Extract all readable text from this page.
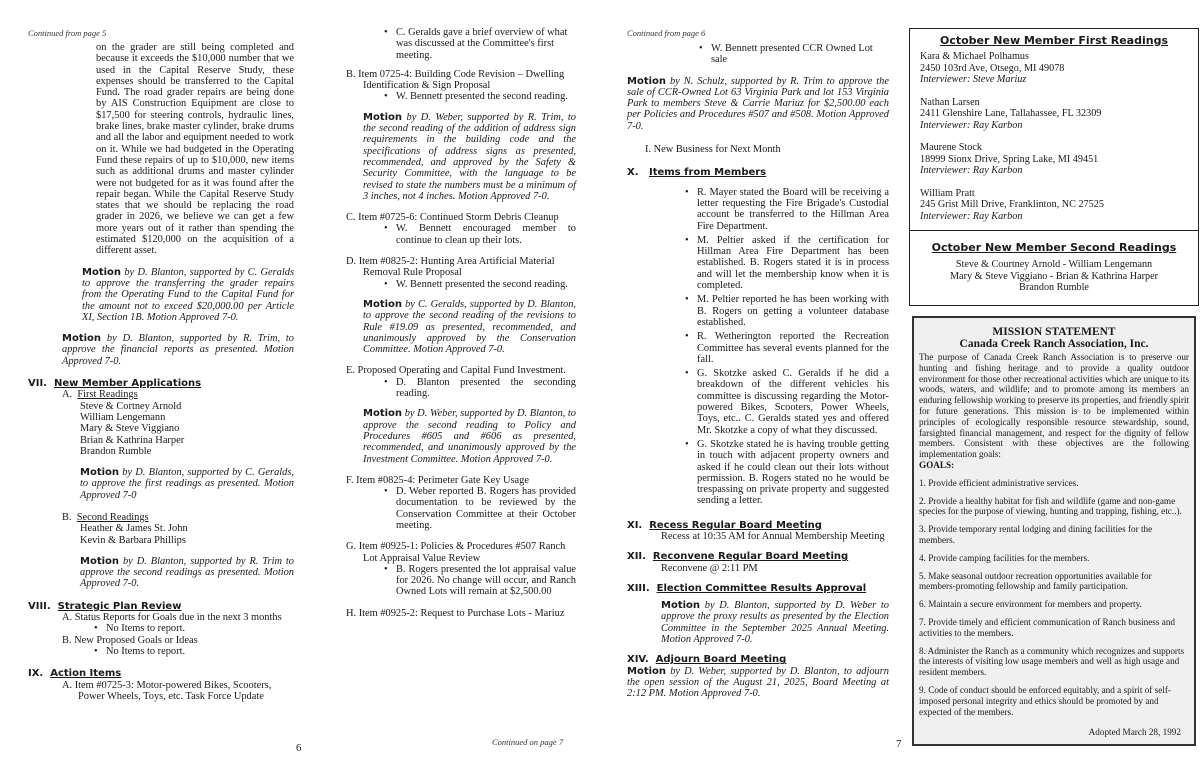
Continued from page 5

on the grader are still being completed and because it exceeds the $10,000 number that we used in the Capital Reserve Study, these expenses should be transferred to the Capital Fund. The road grader repairs are being done by AIS Construction Equipment are close to $17,500 for steering controls, hydraulic lines, brake lines, brake master cylinder, brake drums and all the labor and equipment needed to work on it. While we had budgeted in the Operating Fund these repairs of up to $10,000, new items such as additional drums and master cylinder were not budgeted for as it was found after the repair began. While the Capital Reserve Study states that we should be replacing the road grader in 2026, we believe we can get a few more years out of it rather than spending the estimated $120,000 on the acquisition of a different asset.

Motion by D. Blanton, supported by C. Geralds to approve the transferring the grader repairs from the Operating Fund to the Capital Fund for the amount not to exceed $20,000.00 per Article XI, Section 1B. Motion Approved 7-0.

Motion by D. Blanton, supported by R. Trim, to approve the financial reports as presented. Motion Approved 7-0.

VII. New Member Applications
A. First Readings
Steve & Cortney Arnold
William Lengemann
Mary & Steve Viggiano
Brian & Kathrina Harper
Brandon Rumble

Motion by D. Blanton, supported by C. Geralds, to approve the first readings as presented. Motion Approved 7-0

B. Second Readings
Heather & James St. John
Kevin & Barbara Phillips

Motion by D. Blanton, supported by R. Trim to approve the second readings as presented. Motion Approved 7-0.

VIII. Strategic Plan Review
A. Status Reports for Goals due in the next 3 months
• No Items to report.
B. New Proposed Goals or Ideas
• No Items to report.
IX. Action Items
A. Item #0725-3: Motor-powered Bikes, Scooters, Power Wheels, Toys, etc. Task Force Update
• C. Geralds gave a brief overview of what was discussed at the Committee's first meeting.
B. Item 0725-4: Building Code Revision – Dwelling Identification & Sign Proposal
• W. Bennett presented the second reading.

Motion by D. Weber, supported by R. Trim, to the second reading of the addition of address sign requirements in the building code and the specifications of address signs as presented, recommended, and approved by the Safety & Security Committee, with the language to be revised to state the numbers must be a minimum of 3 inches, not 4 inches. Motion Approved 7-0.

C. Item #0725-6: Continued Storm Debris Cleanup
• W. Bennett encouraged member to continue to clean up their lots.
D. Item #0825-2: Hunting Area Artificial Material Removal Rule Proposal
• W. Bennett presented the second reading.

Motion by C. Geralds, supported by D. Blanton, to approve the second reading of the revisions to Rule #19.09 as presented, recommended, and unanimously approved by the Conservation Committee. Motion Approved 7-0.

E. Proposed Operating and Capital Fund Investment.
• D. Blanton presented the seconding reading.

Motion by D. Weber, supported by D. Blanton, to approve the second reading to Policy and Procedures #605 and #606 as presented, recommended, and unanimously approved by the Investment Committee. Motion Approved 7-0.

F. Item #0825-4: Perimeter Gate Key Usage
• D. Weber reported B. Rogers has provided documentation to be reviewed by the Conservation Committee at their October meeting.
G. Item #0925-1: Policies & Procedures #507 Ranch Lot Appraisal Value Review
• B. Rogers presented the lot appraisal value for 2026. No change will occur, and Ranch Owned Lots will remain at $2,500.00
H. Item #0925-2: Request to Purchase Lots - Mariuz
Continued on page 7
6
Continued from page 6
• W. Bennett presented CCR Owned Lot sale

Motion by N. Schulz, supported by R. Trim to approve the sale of CCR-Owned Lot 63 Virginia Park and lot 153 Virginia Park to members Steve & Carrie Mariuz for $2,500.00 each per Policies and Procedures #507 and #508. Motion Approved 7-0.

I. New Business for Next Month
X. Items from Members
• R. Mayer stated the Board will be receiving a letter requesting the Fire Brigade's Custodial account be transferred to the Hillman Area Fire Department.
• M. Peltier asked if the certification for Hillman Area Fire Department has been established. B. Rogers stated it is in process and will let the membership know when it is completed.
• M. Peltier reported he has been working with B. Rogers on getting a volunteer database established.
• R. Wetherington reported the Recreation Committee has several events planned for the fall.
• G. Skotzke asked C. Geralds if he did a breakdown of the different vehicles his committee is discussing regarding the Motor-powered Bikes, Scooters, Power Wheels, Toys, etc.. C. Geralds stated yes and offered Mr. Skotzke a copy of what they discussed.
• G. Skotzke stated he is having trouble getting in touch with adjacent property owners and asked if he could clean out their lots without permission. B. Rogers stated no he would be trespassing on private property and suggested sending a letter.
XI. Recess Regular Board Meeting
Recess at 10:35 AM for Annual Membership Meeting
XII. Reconvene Regular Board Meeting
Reconvene @ 2:11 PM
XIII. Election Committee Results Approval

Motion by D. Blanton, supported by D. Weber to approve the proxy results as presented by the Election Committee in the September 2025 Annual Meeting. Motion Approved 7-0.

XIV. Adjourn Board Meeting

Motion by D. Weber, supported by D. Blanton, to adjourn the open session of the August 21, 2025, Board Meeting at 2:12 PM. Motion Approved 7-0.

7
October New Member First Readings
Kara & Michael Polhamus
2450 103rd Ave, Otsego, MI 49078
Interviewer: Steve Mariuz
Nathan Larsen
2411 Glenshire Lane, Tallahassee, FL 32309
Interviewer: Ray Karbon
Maurene Stock
18999 Sionx Drive, Spring Lake, MI 49451
Interviewer: Ray Karbon
William Pratt
245 Grist Mill Drive, Franklinton, NC 27525
Interviewer: Ray Karbon
October New Member Second Readings
Steve & Courtney Arnold - William Lengemann
Mary & Steve Viggiano - Brian & Kathrina Harper
Brandon Rumble
MISSION STATEMENT
Canada Creek Ranch Association, Inc.

The purpose of Canada Creek Ranch Association is to preserve our hunting and fishing heritage and to provide a quality outdoor environment for those other recreational activities which are unique to its woods, waters, and wildlife; and to promote among its members an enduring fellowship working to preserve its properties, and friendly spirit for future generations. This mission is to be implemented within principles of ecologically responsible resource stewardship, sound, farsighted financial management, and respect for the dignity of fellow members. Consistent with these objectives are the following implementation goals:

GOALS:

1. Provide efficient administrative services.

2. Provide a healthy habitat for fish and wildlife (game and non-game species for the purpose of viewing, hunting and trapping, fishing, etc..).

3. Provide temporary rental lodging and dining facilities for the members.

4. Provide camping facilities for the members.

5. Make seasonal outdoor recreation opportunities available for members-promoting fellowship and family participation.

6. Maintain a secure environment for members and property.

7. Provide timely and efficient communication of Ranch business and activities to the members.

8. Administer the Ranch as a community which recognizes and supports the interests of visiting low usage members and well as high usage and resident members.

9. Code of conduct should be enforced equitably, and a spirit of self-imposed personal integrity and ethics should be promoted by and expected of the members.

Adopted March 28, 1992
